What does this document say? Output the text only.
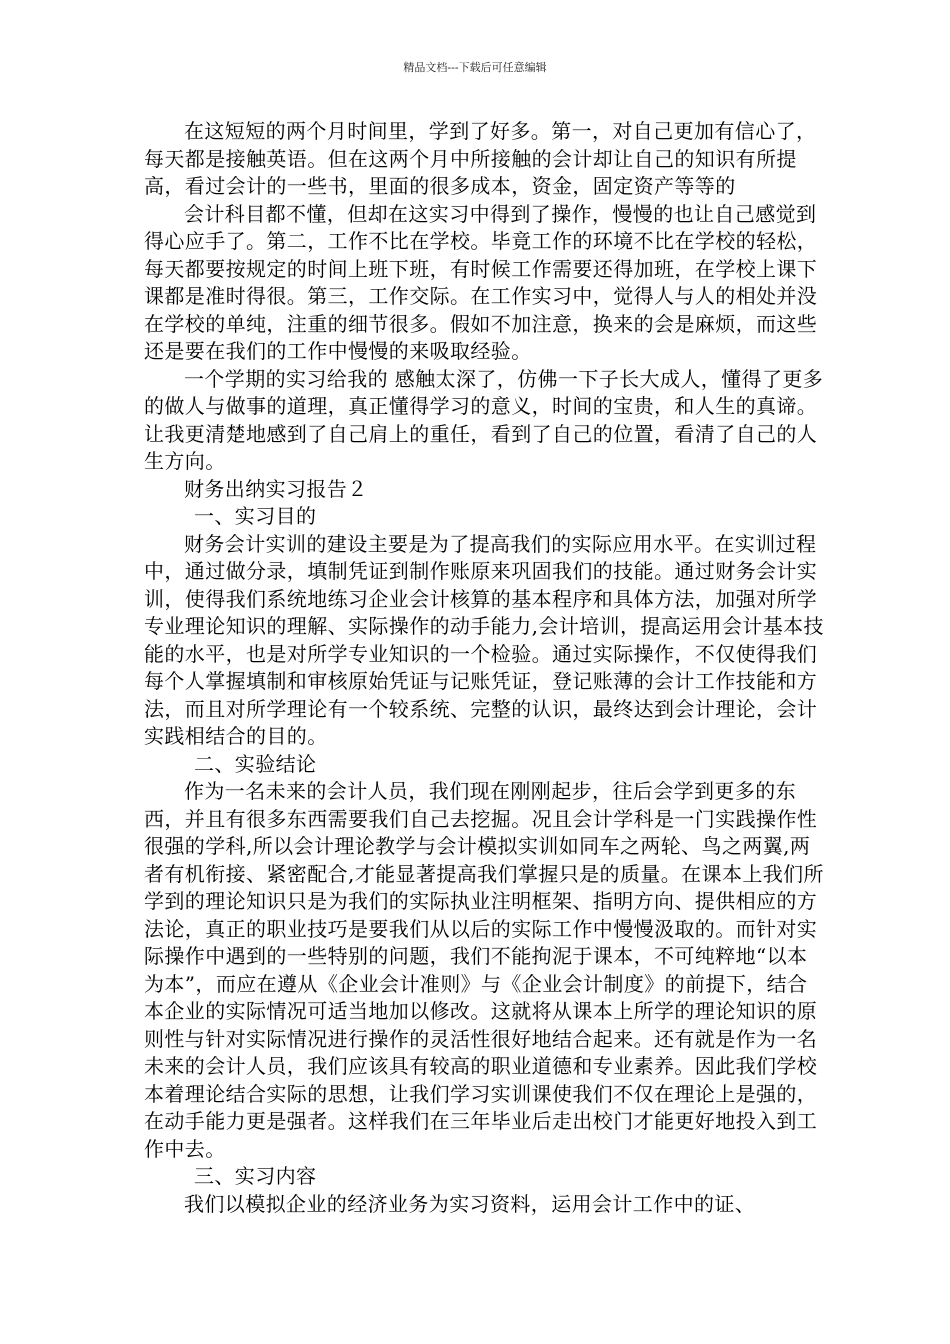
精品文档---下载后可任意编辑

在这短短的两个月时间里，学到了好多。第一，对自己更加有信心了，每天都是接触英语。但在这两个月中所接触的会计却让自己的知识有所提高，看过会计的一些书，里面的很多成本，资金，固定资产等等的

会计科目都不懂，但却在这实习中得到了操作，慢慢的也让自己感觉到得心应手了。第二，工作不比在学校。毕竟工作的环境不比在学校的轻松，每天都要按规定的时间上班下班，有时候工作需要还得加班，在学校上课下课都是准时得很。第三，工作交际。在工作实习中，觉得人与人的相处并没在学校的单纯，注重的细节很多。假如不加注意，换来的会是麻烦，而这些还是要在我们的工作中慢慢的来吸取经验。

一个学期的实习给我的 感触太深了，仿佛一下子长大成人，懂得了更多的做人与做事的道理，真正懂得学习的意义，时间的宝贵，和人生的真谛。让我更清楚地感到了自己肩上的重任，看到了自己的位置，看清了自己的人生方向。

财务出纳实习报告２

一、实习目的

财务会计实训的建设主要是为了提高我们的实际应用水平。在实训过程中，通过做分录，填制凭证到制作账原来巩固我们的技能。通过财务会计实训，使得我们系统地练习企业会计核算的基本程序和具体方法，加强对所学专业理论知识的理解、实际操作的动手能力,会计培训，提高运用会计基本技能的水平，也是对所学专业知识的一个检验。通过实际操作，不仅使得我们每个人掌握填制和审核原始凭证与记账凭证，登记账薄的会计工作技能和方法，而且对所学理论有一个较系统、完整的认识，最终达到会计理论，会计实践相结合的目的。

二、实验结论

作为一名未来的会计人员，我们现在刚刚起步，往后会学到更多的东西，并且有很多东西需要我们自己去挖掘。况且会计学科是一门实践操作性很强的学科,所以会计理论教学与会计模拟实训如同车之两轮、鸟之两翼,两者有机衔接、紧密配合,才能显著提高我们掌握只是的质量。在课本上我们所学到的理论知识只是为我们的实际执业注明框架、指明方向、提供相应的方法论，真正的职业技巧是要我们从以后的实际工作中慢慢汲取的。而针对实际操作中遇到的一些特别的问题，我们不能拘泥于课本，不可纯粹地“以本为本”，而应在遵从《企业会计准则》与《企业会计制度》的前提下，结合本企业的实际情况可适当地加以修改。这就将从课本上所学的理论知识的原则性与针对实际情况进行操作的灵活性很好地结合起来。还有就是作为一名未来的会计人员，我们应该具有较高的职业道德和专业素养。因此我们学校本着理论结合实际的思想，让我们学习实训课使我们不仅在理论上是强的，在动手能力更是强者。这样我们在三年毕业后走出校门才能更好地投入到工作中去。

三、实习内容

我们以模拟企业的经济业务为实习资料，运用会计工作中的证、
